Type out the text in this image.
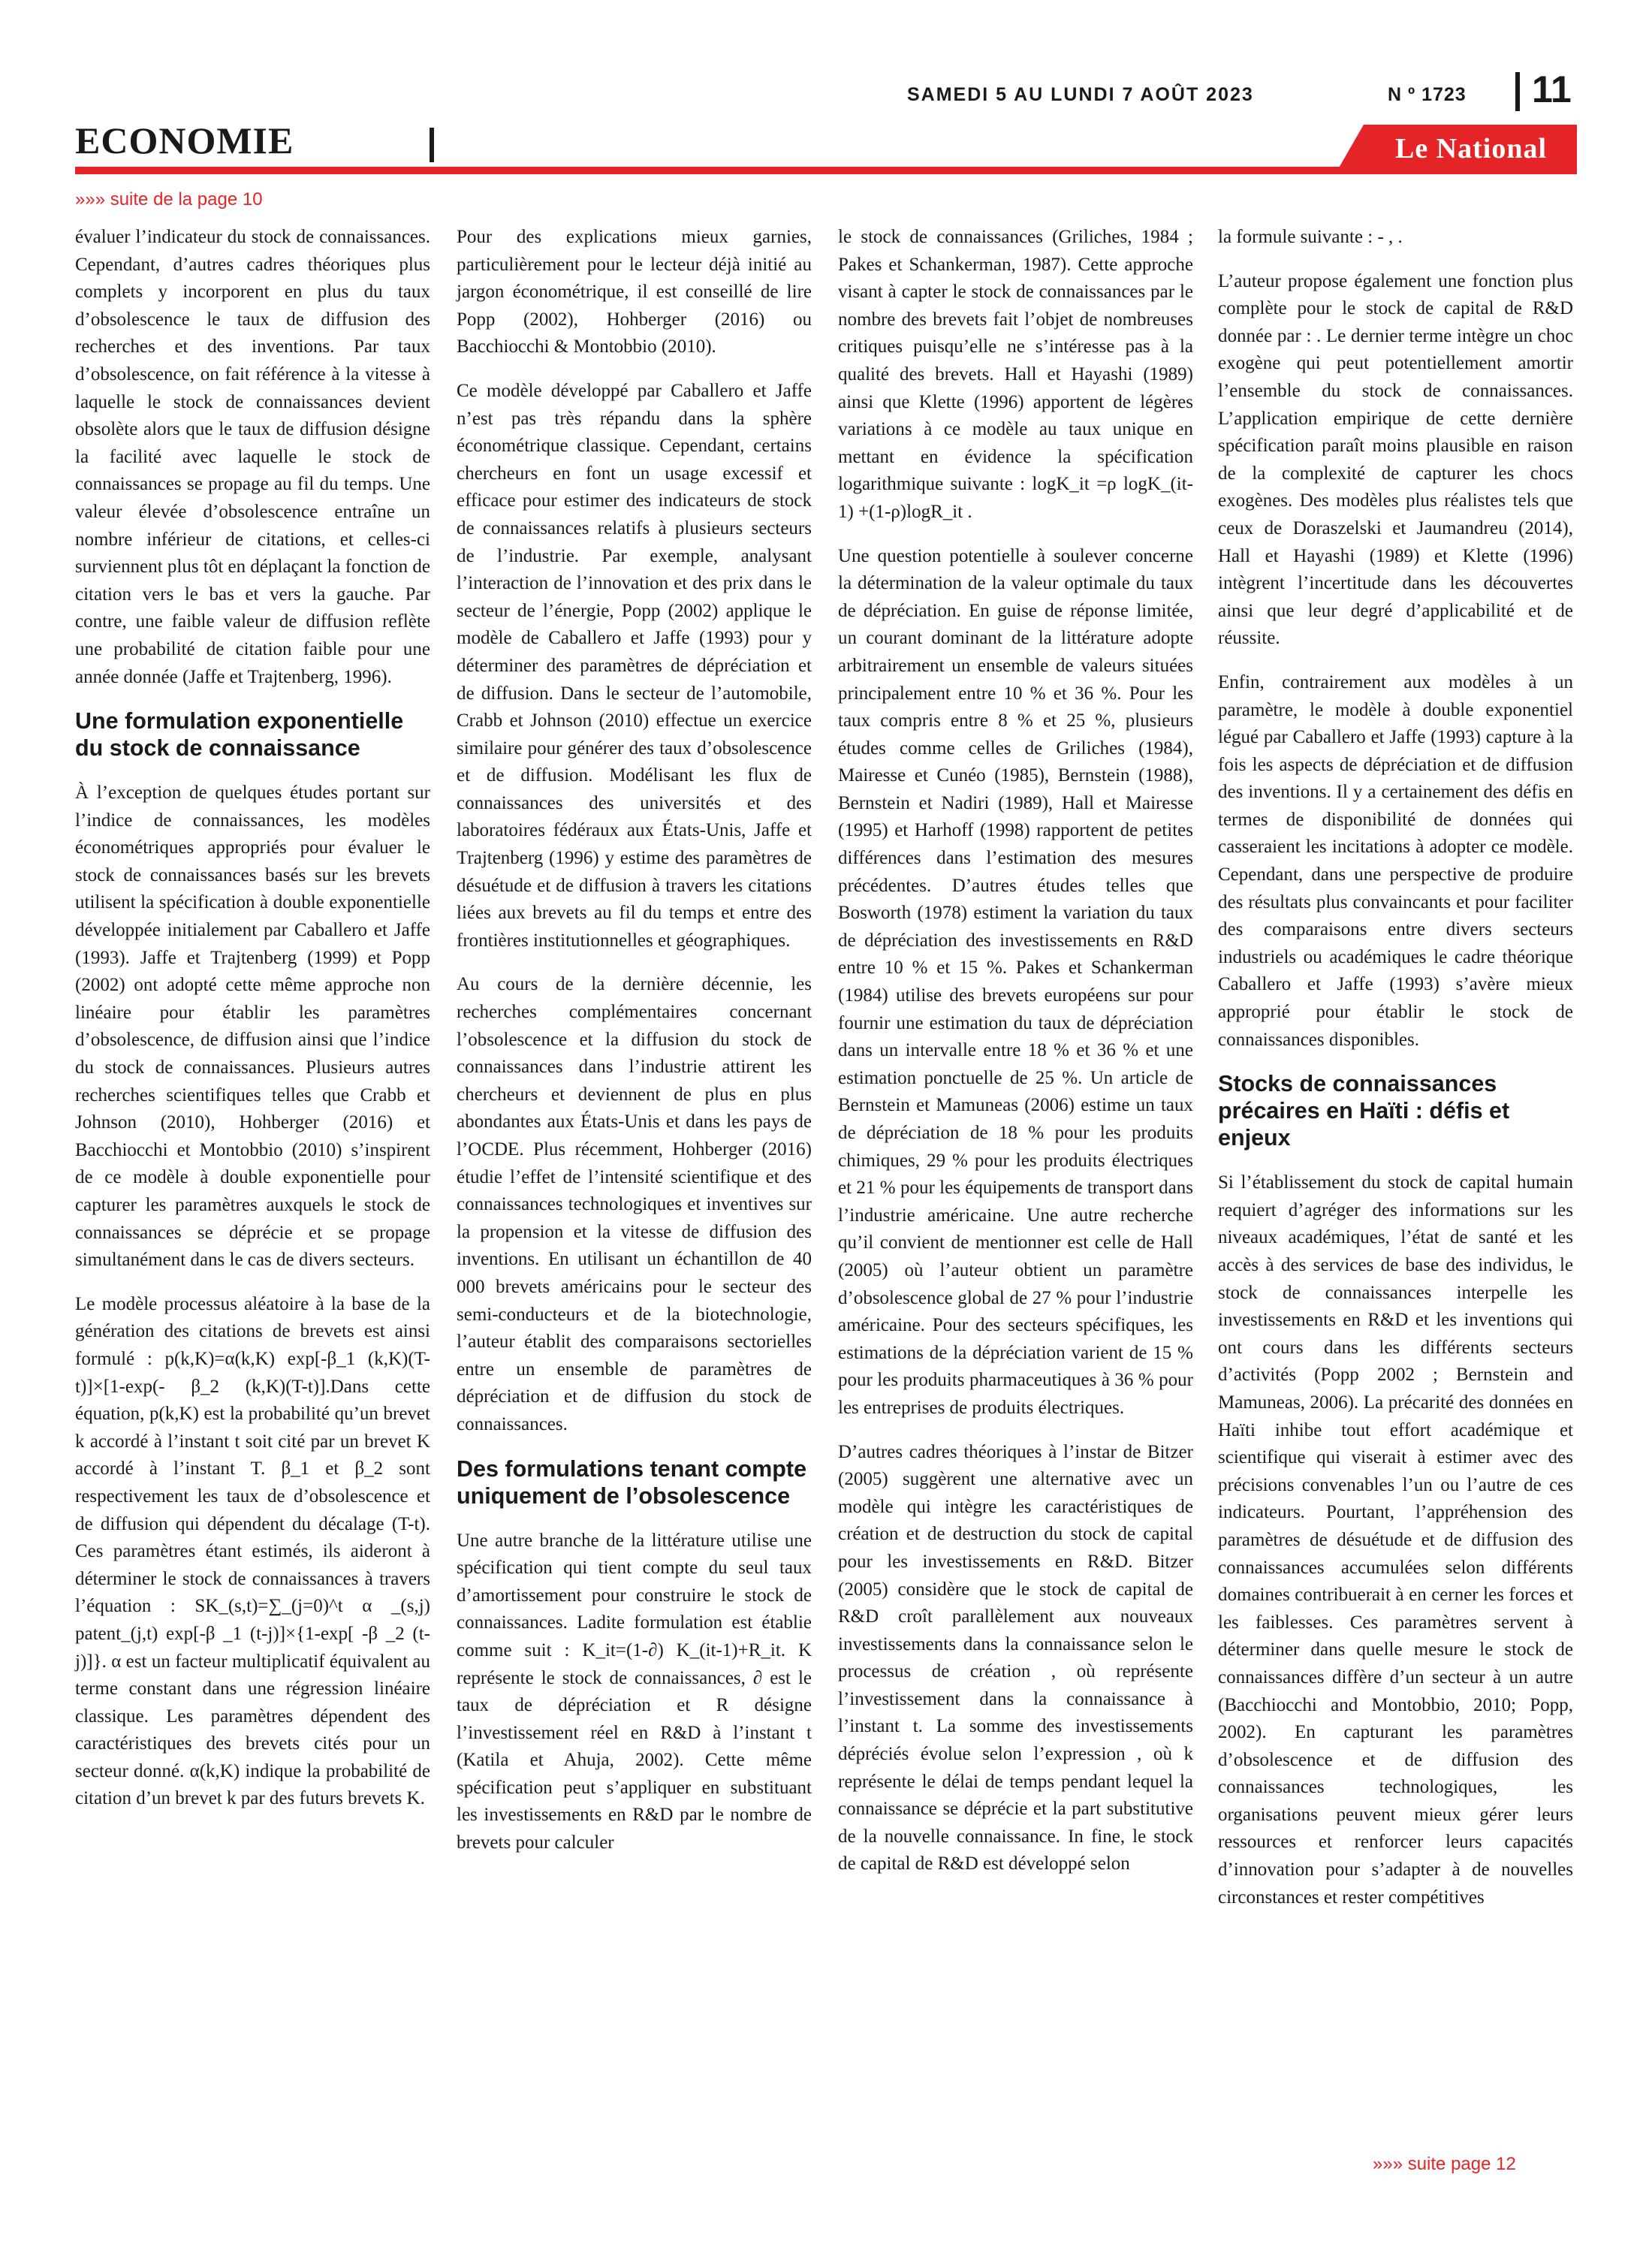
SAMEDI 5 AU LUNDI 7 AOÛT 2023	N º 1723 11
ECONOMIE	Le National
»»» suite de la page 10

évaluer l’indicateur du stock de connaissances. Cependant, d’autres cadres théoriques plus complets y incorporent en plus du taux d’obsolescence le taux de diffusion des recherches et des inventions. Par taux d’obsolescence, on fait référence à la vitesse à laquelle le stock de connaissances devient obsolète alors que le taux de diffusion désigne la facilité avec laquelle le stock de connaissances se propage au fil du temps. Une valeur élevée d’obsolescence entraîne un nombre inférieur de citations, et celles-ci surviennent plus tôt en déplaçant la fonction de citation vers le bas et vers la gauche. Par contre, une faible valeur de diffusion reflète une probabilité de citation faible pour une année donnée (Jaffe et Trajtenberg, 1996).

Une formulation exponentielle du stock de connaissance

À l’exception de quelques études portant sur l’indice de connaissances, les modèles économétriques appropriés pour évaluer le stock de connaissances basés sur les brevets utilisent la spécification à double exponentielle développée initialement par Caballero et Jaffe (1993). Jaffe et Trajtenberg (1999) et Popp (2002) ont adopté cette même approche non linéaire pour établir les paramètres d’obsolescence, de diffusion ainsi que l’indice du stock de connaissances. Plusieurs autres recherches scientifiques telles que Crabb et Johnson (2010), Hohberger (2016) et Bacchiocchi et Montobbio (2010) s’inspirent de ce modèle à double exponentielle pour capturer les paramètres auxquels le stock de connaissances se déprécie et se propage simultanément dans le cas de divers secteurs.

Le modèle processus aléatoire à la base de la génération des citations de brevets est ainsi formulé : p(k,K)=α(k,K) exp[-β_1 (k,K)(T-t)]×[1-exp(- β_2 (k,K)(T-t)].Dans cette équation, p(k,K) est la probabilité qu’un brevet k accordé à l’instant t soit cité par un brevet K accordé à l’instant T. β_1 et β_2 sont respectivement les taux de d’obsolescence et de diffusion qui dépendent du décalage (T-t). Ces paramètres étant estimés, ils aideront à déterminer le stock de connaissances à travers l’équation : SK_(s,t)=∑_(j=0)^t α _(s,j) patent_(j,t) exp[-β _1 (t-j)]×{1-exp[ -β _2 (t-j)]}. α est un facteur multiplicatif équivalent au terme constant dans une régression linéaire classique. Les paramètres dépendent des caractéristiques des brevets cités pour un secteur donné. α(k,K) indique la probabilité de citation d’un brevet k par des futurs brevets K.

Pour des explications mieux garnies, particulièrement pour le lecteur déjà initié au jargon économétrique, il est conseillé de lire Popp (2002), Hohberger (2016) ou Bacchiocchi & Montobbio (2010).

Ce modèle développé par Caballero et Jaffe n’est pas très répandu dans la sphère économétrique classique. Cependant, certains chercheurs en font un usage excessif et efficace pour estimer des indicateurs de stock de connaissances relatifs à plusieurs secteurs de l’industrie. Par exemple, analysant l’interaction de l’innovation et des prix dans le secteur de l’énergie, Popp (2002) applique le modèle de Caballero et Jaffe (1993) pour y déterminer des paramètres de dépréciation et de diffusion. Dans le secteur de l’automobile, Crabb et Johnson (2010) effectue un exercice similaire pour générer des taux d’obsolescence et de diffusion. Modélisant les flux de connaissances des universités et des laboratoires fédéraux aux États-Unis, Jaffe et Trajtenberg (1996) y estime des paramètres de désuétude et de diffusion à travers les citations liées aux brevets au fil du temps et entre des frontières institutionnelles et géographiques.

Au cours de la dernière décennie, les recherches complémentaires concernant l’obsolescence et la diffusion du stock de connaissances dans l’industrie attirent les chercheurs et deviennent de plus en plus abondantes aux États-Unis et dans les pays de l’OCDE. Plus récemment, Hohberger (2016) étudie l’effet de l’intensité scientifique et des connaissances technologiques et inventives sur la propension et la vitesse de diffusion des inventions. En utilisant un échantillon de 40 000 brevets américains pour le secteur des semi-conducteurs et de la biotechnologie, l’auteur établit des comparaisons sectorielles entre un ensemble de paramètres de dépréciation et de diffusion du stock de connaissances.

Des formulations tenant compte uniquement de l’obsolescence

Une autre branche de la littérature utilise une spécification qui tient compte du seul taux d’amortissement pour construire le stock de connaissances. Ladite formulation est établie comme suit : K_it=(1-∂) K_(it-1)+R_it. K représente le stock de connaissances, ∂ est le taux de dépréciation et R désigne l’investissement réel en R&D à l’instant t (Katila et Ahuja, 2002). Cette même spécification peut s’appliquer en substituant les investissements en R&D par le nombre de brevets pour calculer

le stock de connaissances (Griliches, 1984 ; Pakes et Schankerman, 1987). Cette approche visant à capter le stock de connaissances par le nombre des brevets fait l’objet de nombreuses critiques puisqu’elle ne s’intéresse pas à la qualité des brevets. Hall et Hayashi (1989) ainsi que Klette (1996) apportent de légères variations à ce modèle au taux unique en mettant en évidence la spécification logarithmique suivante : log⁡K_it =ρ log⁡K_(it-1) +(1-ρ)log⁡R_it .

Une question potentielle à soulever concerne la détermination de la valeur optimale du taux de dépréciation. En guise de réponse limitée, un courant dominant de la littérature adopte arbitrairement un ensemble de valeurs situées principalement entre 10 % et 36 %. Pour les taux compris entre 8 % et 25 %, plusieurs études comme celles de Griliches (1984), Mairesse et Cunéo (1985), Bernstein (1988), Bernstein et Nadiri (1989), Hall et Mairesse (1995) et Harhoff (1998) rapportent de petites différences dans l’estimation des mesures précédentes. D’autres études telles que Bosworth (1978) estiment la variation du taux de dépréciation des investissements en R&D entre 10 % et 15 %. Pakes et Schankerman (1984) utilise des brevets européens sur pour fournir une estimation du taux de dépréciation dans un intervalle entre 18 % et 36 % et une estimation ponctuelle de 25 %. Un article de Bernstein et Mamuneas (2006) estime un taux de dépréciation de 18 % pour les produits chimiques, 29 % pour les produits électriques et 21 % pour les équipements de transport dans l’industrie américaine. Une autre recherche qu’il convient de mentionner est celle de Hall (2005) où l’auteur obtient un paramètre d’obsolescence global de 27 % pour l’industrie américaine. Pour des secteurs spécifiques, les estimations de la dépréciation varient de 15 % pour les produits pharmaceutiques à 36 % pour les entreprises de produits électriques.

D’autres cadres théoriques à l’instar de Bitzer (2005) suggèrent une alternative avec un modèle qui intègre les caractéristiques de création et de destruction du stock de capital pour les investissements en R&D. Bitzer (2005) considère que le stock de capital de R&D croît parallèlement aux nouveaux investissements dans la connaissance selon le processus de création , où représente l’investissement dans la connaissance à l’instant t. La somme des investissements dépréciés évolue selon l’expression , où k représente le délai de temps pendant lequel la connaissance se déprécie et la part substitutive de la nouvelle connaissance. In fine, le stock de capital de R&D est développé selon

la formule suivante : - , .

L’auteur propose également une fonction plus complète pour le stock de capital de R&D donnée par : . Le dernier terme intègre un choc exogène qui peut potentiellement amortir l’ensemble du stock de connaissances. L’application empirique de cette dernière spécification paraît moins plausible en raison de la complexité de capturer les chocs exogènes. Des modèles plus réalistes tels que ceux de Doraszelski et Jaumandreu (2014), Hall et Hayashi (1989) et Klette (1996) intègrent l’incertitude dans les découvertes ainsi que leur degré d’applicabilité et de réussite.

Enfin, contrairement aux modèles à un paramètre, le modèle à double exponentiel légué par Caballero et Jaffe (1993) capture à la fois les aspects de dépréciation et de diffusion des inventions. Il y a certainement des défis en termes de disponibilité de données qui casseraient les incitations à adopter ce modèle. Cependant, dans une perspective de produire des résultats plus convaincants et pour faciliter des comparaisons entre divers secteurs industriels ou académiques le cadre théorique Caballero et Jaffe (1993) s’avère mieux approprié pour établir le stock de connaissances disponibles.

Stocks de connaissances précaires en Haïti : défis et enjeux

Si l’établissement du stock de capital humain requiert d’agréger des informations sur les niveaux académiques, l’état de santé et les accès à des services de base des individus, le stock de connaissances interpelle les investissements en R&D et les inventions qui ont cours dans les différents secteurs d’activités (Popp 2002 ; Bernstein and Mamuneas, 2006). La précarité des données en Haïti inhibe tout effort académique et scientifique qui viserait à estimer avec des précisions convenables l’un ou l’autre de ces indicateurs. Pourtant, l’appréhension des paramètres de désuétude et de diffusion des connaissances accumulées selon différents domaines contribuerait à en cerner les forces et les faiblesses. Ces paramètres servent à déterminer dans quelle mesure le stock de connaissances diffère d’un secteur à un autre (Bacchiocchi and Montobbio, 2010; Popp, 2002). En capturant les paramètres d’obsolescence et de diffusion des connaissances technologiques, les organisations peuvent mieux gérer leurs ressources et renforcer leurs capacités d’innovation pour s’adapter à de nouvelles circonstances et rester compétitives

»»» suite page 12
